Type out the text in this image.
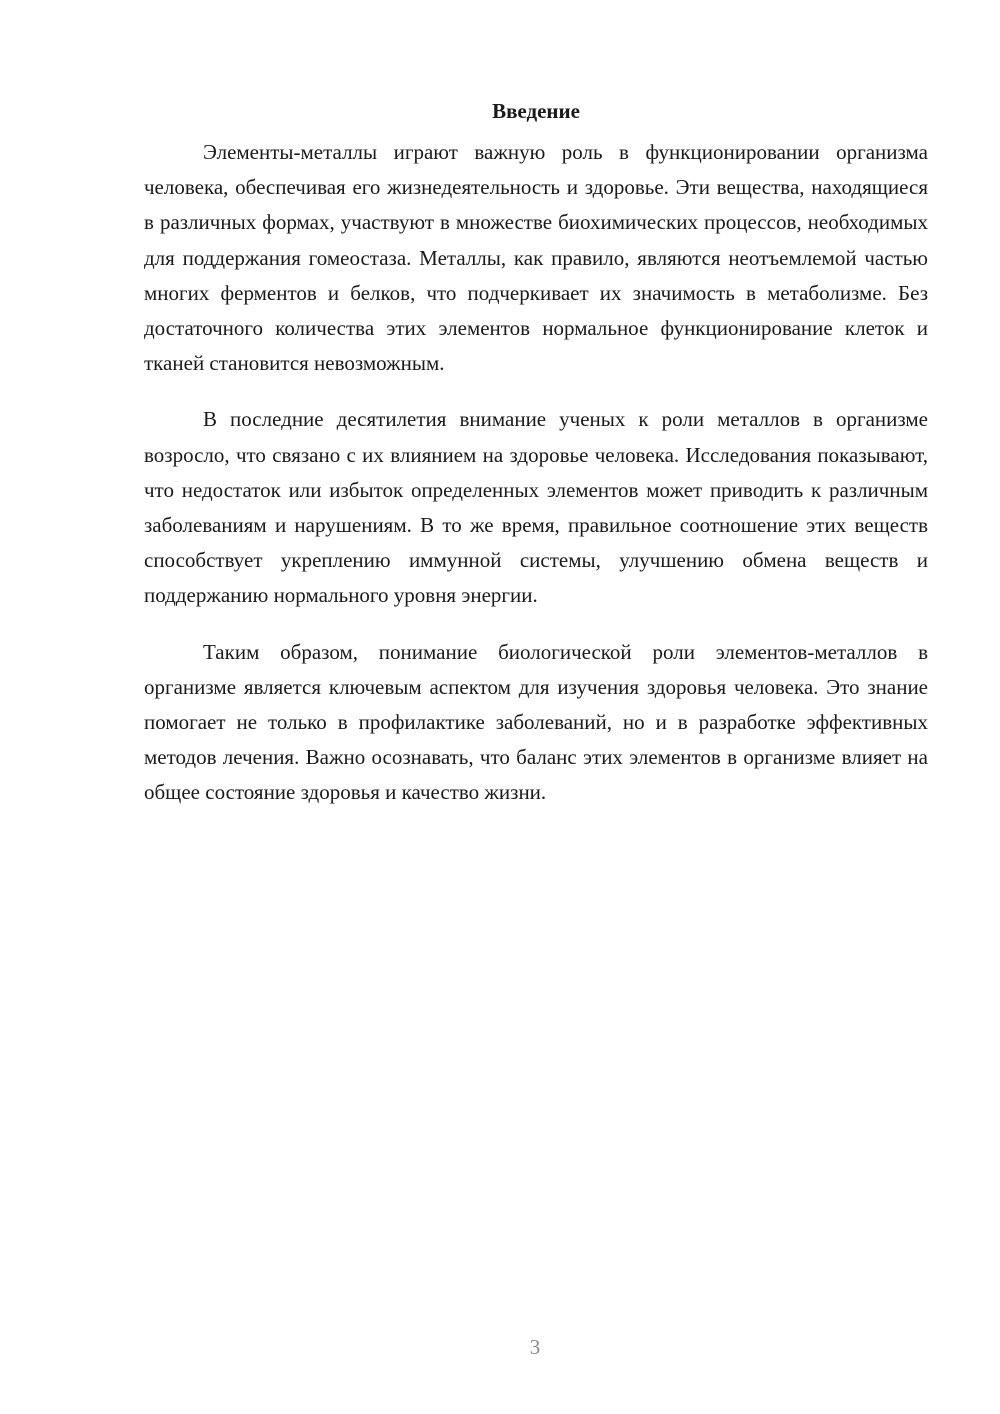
Введение

Элементы-металлы играют важную роль в функционировании организма человека, обеспечивая его жизнедеятельность и здоровье. Эти вещества, находящиеся в различных формах, участвуют в множестве биохимических процессов, необходимых для поддержания гомеостаза. Металлы, как правило, являются неотъемлемой частью многих ферментов и белков, что подчеркивает их значимость в метаболизме. Без достаточного количества этих элементов нормальное функционирование клеток и тканей становится невозможным.

В последние десятилетия внимание ученых к роли металлов в организме возросло, что связано с их влиянием на здоровье человека. Исследования показывают, что недостаток или избыток определенных элементов может приводить к различным заболеваниям и нарушениям. В то же время, правильное соотношение этих веществ способствует укреплению иммунной системы, улучшению обмена веществ и поддержанию нормального уровня энергии.

Таким образом, понимание биологической роли элементов-металлов в организме является ключевым аспектом для изучения здоровья человека. Это знание помогает не только в профилактике заболеваний, но и в разработке эффективных методов лечения. Важно осознавать, что баланс этих элементов в организме влияет на общее состояние здоровья и качество жизни.

3
